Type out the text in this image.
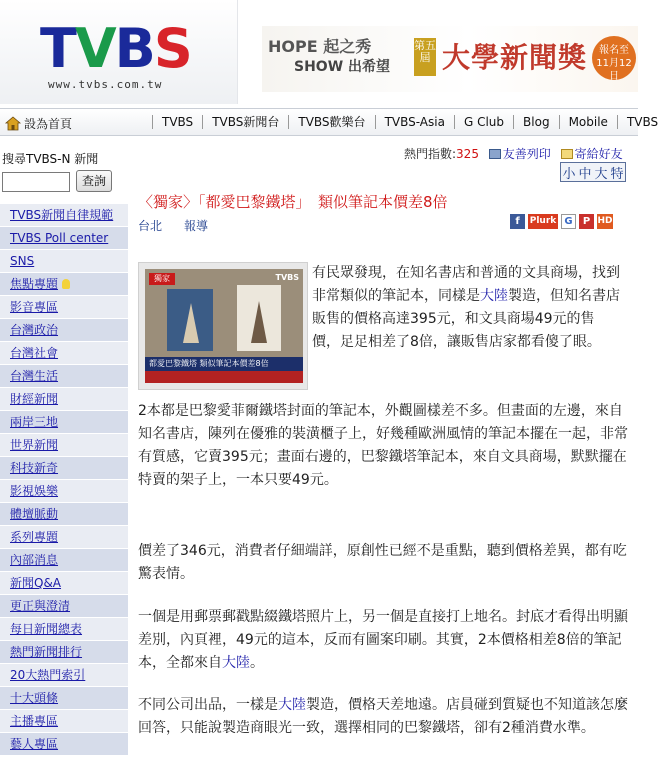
TVBS
www.tvbs.com.tw
HOPE 起之秀
SHOW 出希望
第五屆 大學新聞獎	報名至 11月12日
設為首頁	TVBS	TVBS新聞台	TVBS歡樂台	TVBS-Asia	G Club	Blog	Mobile	TVBS
搜尋TVBS-N 新聞
查詢
TVBS新聞自律規範
TVBS Poll center
SNS
焦點專題
影音專區
台灣政治
台灣社會
台灣生活
財經新聞
兩岸三地
世界新聞
科技新奇
影視娛樂
體壇脈動
系列專題
內部消息
新聞Q&A
更正與澄清
每日新聞總表
熱門新聞排行
20大熱門索引
十大頭條
主播專區
藝人專區
熱門指數:325 友善列印 寄給好友
小 中 大 特
〈獨家〉「都愛巴黎鐵塔」　類似筆記本價差8倍
台北 報導	f	Plurk G	P HD
獨家	TVBS
都愛巴黎鐵塔 類似筆記本價差8倍
有民眾發現，在知名書店和普通的文具商場，找到非常類似的筆記本，同樣是大陸製造，但知名書店販售的價格高達395元，和文具商場49元的售價，足足相差了8倍，讓販售店家都看傻了眼。
2本都是巴黎愛菲爾鐵塔封面的筆記本，外觀圖樣差不多。但畫面的左邊，來自知名書店，陳列在優雅的裝潢櫃子上，好幾種歐洲風情的筆記本擺在一起，非常有質感，它賣395元；畫面右邊的，巴黎鐵塔筆記本，來自文具商場，默默擺在特賣的架子上，一本只要49元。
價差了346元，消費者仔細端詳，原創性已經不是重點，聽到價格差異，都有吃驚表情。
一個是用郵票郵戳點綴鐵塔照片上，另一個是直接打上地名。封底才看得出明顯差別，內頁裡，49元的這本，反而有圖案印刷。其實，2本價格相差8倍的筆記本，全都來自大陸。
不同公司出品，一樣是大陸製造，價格天差地遠。店員碰到質疑也不知道該怎麼回答，只能說製造商眼光一致，選擇相同的巴黎鐵塔，卻有2種消費水準。
